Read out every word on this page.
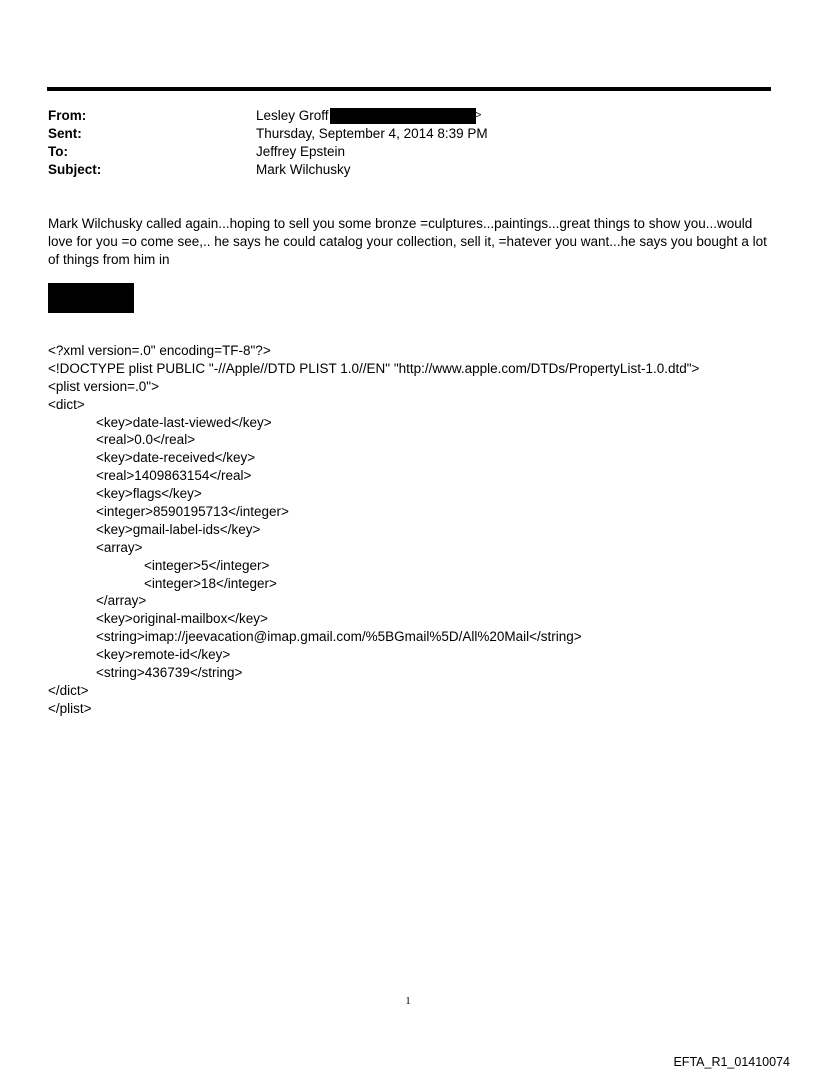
From:	Lesley Groff	>
Sent:	Thursday, September 4, 2014 8:39 PM
To:	Jeffrey Epstein
Subject:	Mark Wilchusky
Mark Wilchusky called again...hoping to sell you some bronze =culptures...paintings...great things to show you...would love for you =o come see,.. he says he could catalog your collection, sell it, =hatever you want...he says you bought a lot of things from him in
<?xml version=.0" encoding=TF-8"?>
<!DOCTYPE plist PUBLIC "-//Apple//DTD PLIST 1.0//EN" "http://www.apple.com/DTDs/PropertyList-1.0.dtd">
<plist version=.0">
<dict>
<key>date-last-viewed</key>
<real>0.0</real>
<key>date-received</key>
<real>1409863154</real>
<key>flags</key>
<integer>8590195713</integer>
<key>gmail-label-ids</key>
<array>
<integer>5</integer>
<integer>18</integer>
</array>
<key>original-mailbox</key>
<string>imap://jeevacation@imap.gmail.com/%5BGmail%5D/All%20Mail</string>
<key>remote-id</key>
<string>436739</string>
</dict>
</plist>
1
EFTA_R1_01410074
